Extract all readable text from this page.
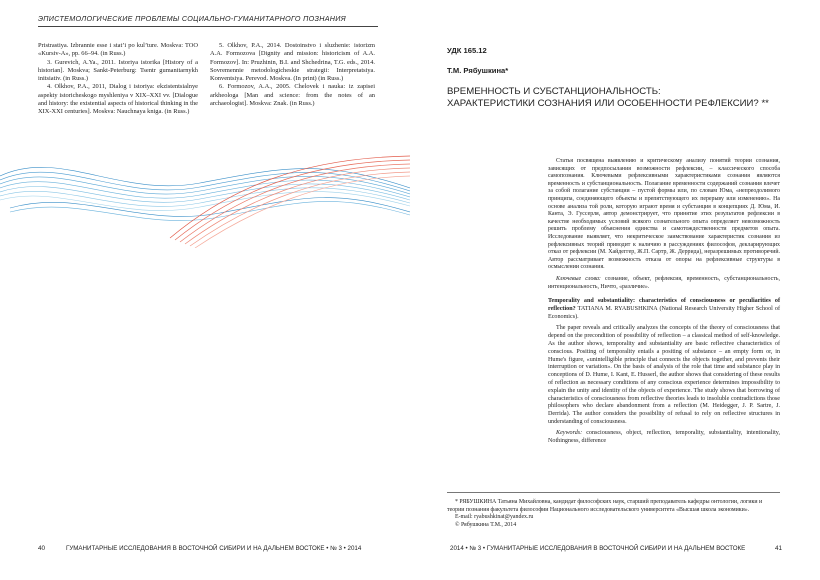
ЭПИСТЕМОЛОГИЧЕСКИЕ ПРОБЛЕМЫ СОЦИАЛЬНО-ГУМАНИТАРНОГО ПОЗНАНИЯ

Pristrastiya. Izbrannie esse i stat’i po kul’ture. Moskva: TOO «Kursiv-A», pp. 66–94. (in Russ.)

3. Gurevich, A.Ya., 2011. Istoriya istorika [History of a historian]. Moskva; Sankt-Peterburg: Tsentr gumanitarnykh initsiativ. (in Russ.)

4. Olkhov, P.A., 2011, Dialog i istoriya: ekzistentsialnye aspekty istoricheskogo myshleniya v XIX–XXI vv. [Dialogue and history: the existential aspects of historical thinking in the XIX-XXI centuries]. Moskva: Nauchnaya kniga. (in Russ.)

5. Olkhov, P.A., 2014. Dostoinstvo i sluzhenie: istorizm A.A. Formozova [Dignity and mission: historicism of A.A. Formozov]. In: Pruzhinin, B.I. and Shchedrina, T.G. eds., 2014. Sovremennie metodologicheskie strategii: Interpretatsiya. Konventsiya. Perevod. Moskva. (In print) (in Russ.)

6. Formozov, A.A., 2005. Chelovek i nauka: iz zapisei arkheologa [Man and science: from the notes of an archaeologist]. Moskva: Znak. (in Russ.)

40	ГУМАНИТАРНЫЕ ИССЛЕДОВАНИЯ В ВОСТОЧНОЙ СИБИРИ И НА ДАЛЬНЕМ ВОСТОКЕ • № 3 • 2014
УДК 165.12
Т.М. Рябушкина*
ВРЕМЕННОСТЬ И СУБСТАНЦИОНАЛЬНОСТЬ:
ХАРАКТЕРИСТИКИ СОЗНАНИЯ ИЛИ ОСОБЕННОСТИ РЕФЛЕКСИИ? **

Статья посвящена выявлению и критическому анализу понятий теории сознания, зависящих от предпосылания возможности рефлексии, – классического способа самопознания. Ключевыми рефлексивными характеристиками сознания являются временность и субстанциональность. Полагание временности содержаний сознания влечет за собой полагание субстанции – пустой формы или, по словам Юма, «непреодолимого принципа, соединяющего объекты и препятствующего их перерыву или изменению». На основе анализа той роли, которую играют время и субстанция в концепциях Д. Юма, И. Канта, Э. Гуссерля, автор демонстрирует, что принятие этих результатов рефлексии в качестве необходимых условий всякого сознательного опыта определяет невозможность решить проблему объяснения единства и самотождественности предметов опыта. Исследование выявляет, что некритическое заимствование характеристик сознания из рефлексивных теорий приводит к наличию в рассуждениях философов, декларирующих отказ от рефлексии (М. Хайдеггер, Ж.П. Сартр, Ж. Деррида), неразрешимых противоречий. Автор рассматривает возможность отказа от опоры на рефлексивные структуры в осмыслении сознания.

Ключевые слова: сознание, объект, рефлексия, временность, субстанциональность, интенциональность, Ничто, «различие».

Temporality and substantiality: characteristics of consciousness or peculiarities of reflection? TATIANA M. RYABUSHKINA (National Research University Higher School of Economics).

The paper reveals and critically analyzes the concepts of the theory of consciousness that depend on the precondition of possibility of reflection – a classical method of self-knowledge. As the author shows, temporality and substantiality are basic reflective characteristics of conscious. Positing of temporality entails a positing of substance – an empty form or, in Hume's figure, «unintelligible principle that connects the objects together, and prevents their interruption or variation». On the basis of analysis of the role that time and substance play in conceptions of D. Hume, I. Kant, E. Husserl, the author shows that considering of these results of reflection as necessary conditions of any conscious experience determines impossibility to explain the unity and identity of the objects of experience. The study shows that borrowing of characteristics of consciousness from reflective theories leads to insoluble contradictions those philosophers who declare abandonment from a reflection (M. Heidegger, J. P. Sartre, J. Derrida). The author considers the possibility of refusal to rely on reflective structures in understanding of consciousness.

Keywords: consciousness, object, reflection, temporality, substantiality, intentionality, Nothingness, difference

* РЯБУШКИНА Татьяна Михайловна, кандидат философских наук, старший преподаватель кафедры онтологии, логики и теории познания факультета философии Национального исследовательского университета «Высшая школа экономики».

E-mail: ryabushkinat@yandex.ru

© Рябушкина Т.М., 2014

2014 • № 3 • ГУМАНИТАРНЫЕ ИССЛЕДОВАНИЯ В ВОСТОЧНОЙ СИБИРИ И НА ДАЛЬНЕМ ВОСТОКЕ	41
